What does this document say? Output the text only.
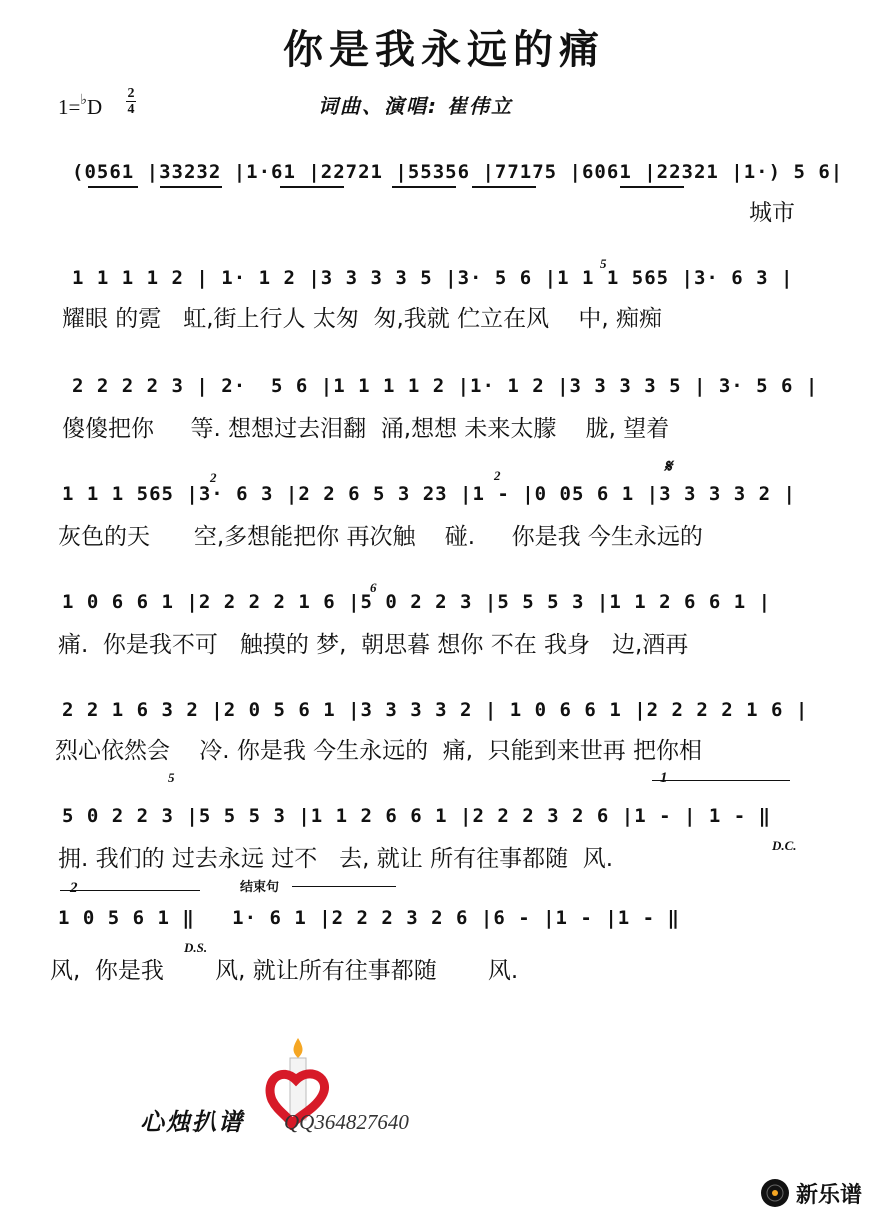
你是我永远的痛
1=♭D
2
4	词曲、演唱: 崔伟立
(0561 |33232 |1·61 |22721 |55356 |77175 |6061 |22321 |1·) 5 6|
城市
1 1 1 1 2 | 1· 1 2 |3 3 3 3 5 |3· 5 6 |1 1 1 565 |3· 6 3 |
耀眼 的霓   虹,街上行人 太匆  匆,我就 伫立在风    中, 痴痴
2 2 2 2 3 | 2·  5 6 |1 1 1 1 2 |1· 1 2 |3 3 3 3 5 | 3· 5 6 |
傻傻把你     等. 想想过去泪翻  涌,想想 未来太朦    胧, 望着
1 1 1 565 |3· 6 3 |2 2 6 5 3 23 |1 - |0 05 6 1 |3 3 3 3 2 |
灰色的天      空,多想能把你 再次触    碰.     你是我 今生永远的
1 0 6 6 1 |2 2 2 2 1 6 |5 0 2 2 3 |5 5 5 3 |1 1 2 6 6 1 |
痛.  你是我不可   触摸的 梦,  朝思暮 想你 不在 我身   边,酒再
2 2 1 6 3 2 |2 0 5 6 1 |3 3 3 3 2 | 1 0 6 6 1 |2 2 2 2 1 6 |
烈心依然会    冷. 你是我 今生永远的  痛,  只能到来世再 把你相
5 0 2 2 3 |5 5 5 3 |1 1 2 6 6 1 |2 2 2 3 2 6 |1 - | 1 - ‖
拥. 我们的 过去永远 过不   去, 就让 所有往事都随  风.
1 0 5 6 1 ‖   1· 6 1 |2 2 2 3 2 6 |6 - |1 - |1 - ‖
风,  你是我       风, 就让所有往事都随       风.
5
2	2
6
5
𝄋
D.C.
D.S.
1
2	结束句
心烛扒谱 QQ364827640
新乐谱
